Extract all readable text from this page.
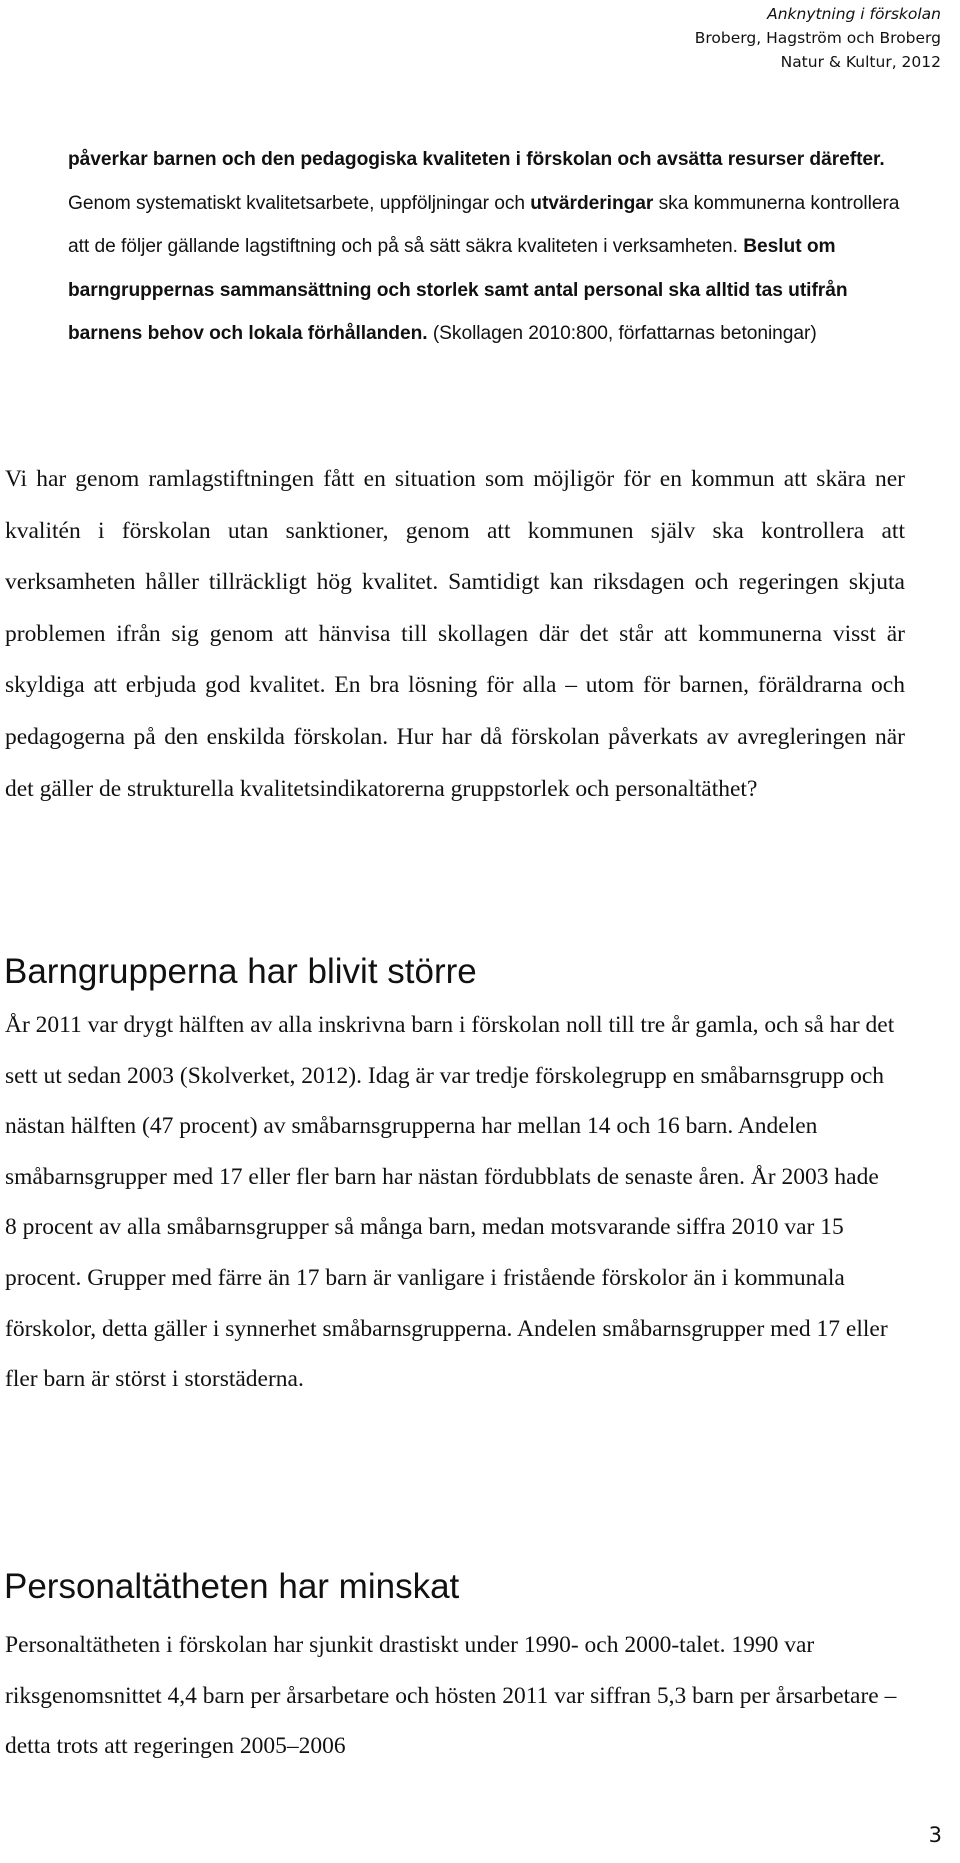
Anknytning i förskolan
Broberg, Hagström och Broberg
Natur & Kultur, 2012
påverkar barnen och den pedagogiska kvaliteten i förskolan och avsätta resurser därefter. Genom systematiskt kvalitetsarbete, uppföljningar och utvärderingar ska kommunerna kontrollera att de följer gällande lagstiftning och på så sätt säkra kvaliteten i verksamheten. Beslut om barngruppernas sammansättning och storlek samt antal personal ska alltid tas utifrån barnens behov och lokala förhållanden. (Skollagen 2010:800, författarnas betoningar)

Vi har genom ramlagstiftningen fått en situation som möjligör för en kommun att skära ner kvalitén i förskolan utan sanktioner, genom att kommunen själv ska kontrollera att verksamheten håller tillräckligt hög kvalitet. Samtidigt kan riksdagen och regeringen skjuta problemen ifrån sig genom att hänvisa till skollagen där det står att kommunerna visst är skyldiga att erbjuda god kvalitet. En bra lösning för alla – utom för barnen, föräldrarna och pedagogerna på den enskilda förskolan. Hur har då förskolan påverkats av avregleringen när det gäller de strukturella kvalitetsindikatorerna gruppstorlek och personaltäthet?

Barngrupperna har blivit större

År 2011 var drygt hälften av alla inskrivna barn i förskolan noll till tre år gamla, och så har det sett ut sedan 2003 (Skolverket, 2012). Idag är var tredje förskolegrupp en småbarnsgrupp och nästan hälften (47 procent) av småbarnsgrupperna har mellan 14 och 16 barn. Andelen småbarnsgrupper med 17 eller fler barn har nästan fördubblats de senaste åren. År 2003 hade 8 procent av alla småbarnsgrupper så många barn, medan motsvarande siffra 2010 var 15 procent. Grupper med färre än 17 barn är vanligare i fristående förskolor än i kommunala förskolor, detta gäller i synnerhet småbarnsgrupperna. Andelen småbarnsgrupper med 17 eller fler barn är störst i storstäderna.

Personaltätheten har minskat

Personaltätheten i förskolan har sjunkit drastiskt under 1990- och 2000-talet. 1990 var riksgenomsnittet 4,4 barn per årsarbetare och hösten 2011 var siffran 5,3 barn per årsarbetare – detta trots att regeringen 2005–2006

3
